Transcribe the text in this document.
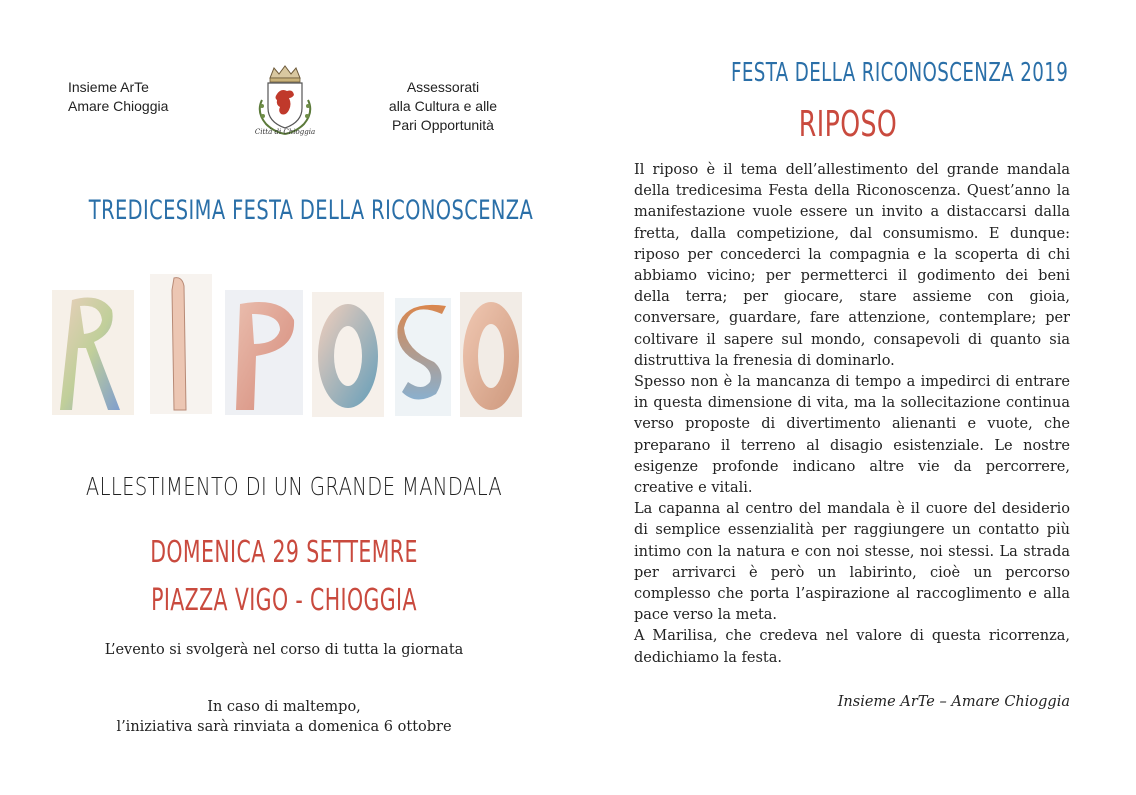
Insieme ArTe
Amare Chioggia
Città di Chioggia
Assessorati
alla Cultura e alle
Pari Opportunità
TREDICESIMA FESTA DELLA RICONOSCENZA
ALLESTIMENTO DI UN GRANDE MANDALA
DOMENICA 29 SETTEMRE
PIAZZA VIGO - CHIOGGIA
L’evento si svolgerà nel corso di tutta la giornata
In caso di maltempo,
l’iniziativa sarà rinviata a domenica 6 ottobre
FESTA DELLA RICONOSCENZA 2019
RIPOSO

Il riposo è il tema dell’allestimento del grande mandala della tredicesima Festa della Riconoscenza. Quest’anno la manifestazione vuole essere un invito a distaccarsi dalla fretta, dalla competizione, dal consumismo. E dunque: riposo per concederci la compagnia e la scoperta di chi abbiamo vicino; per permetterci il godimento dei beni della terra; per giocare, stare assieme con gioia, conversare, guardare, fare attenzione, contemplare; per coltivare il sapere sul mondo, consapevoli di quanto sia distruttiva la frenesia di dominarlo.

Spesso non è la mancanza di tempo a impedirci di entrare in questa dimensione di vita, ma la sollecitazione continua verso proposte di divertimento alienanti e vuote, che preparano il terreno al disagio esistenziale. Le nostre esigenze profonde indicano altre vie da percorrere, creative e vitali.

La capanna al centro del mandala è il cuore del desiderio di semplice essenzialità per raggiungere un contatto più intimo con la natura e con noi stesse, noi stessi. La strada per arrivarci è però un labirinto, cioè un percorso complesso che porta l’aspirazione al raccoglimento e alla pace verso la meta.

A Marilisa, che credeva nel valore di questa ricorrenza, dedichiamo la festa.

Insieme ArTe – Amare Chioggia
